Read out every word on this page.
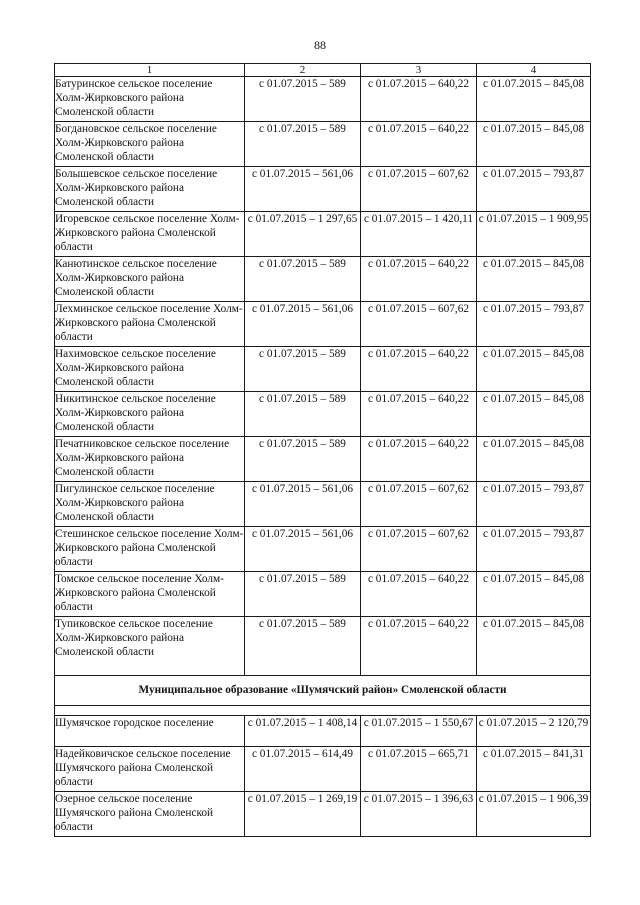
88
1	2	3	4
Батуринское сельское поселение Холм-Жирковского района Смоленской области	с 01.07.2015 – 589	с 01.07.2015 – 640,22	с 01.07.2015 – 845,08
Богдановское сельское поселение Холм-Жирковского района Смоленской области	с 01.07.2015 – 589	с 01.07.2015 – 640,22	с 01.07.2015 – 845,08
Болышевское сельское поселение Холм-Жирковского района Смоленской области	с 01.07.2015 – 561,06	с 01.07.2015 – 607,62	с 01.07.2015 – 793,87
Игоревское сельское поселение Холм-Жирковского района Смоленской области	с 01.07.2015 – 1 297,65	с 01.07.2015 – 1 420,11	с 01.07.2015 – 1 909,95
Канютинское сельское поселение Холм-Жирковского района Смоленской области	с 01.07.2015 – 589	с 01.07.2015 – 640,22	с 01.07.2015 – 845,08
Лехминское сельское поселение Холм-Жирковского района Смоленской области	с 01.07.2015 – 561,06	с 01.07.2015 – 607,62	с 01.07.2015 – 793,87
Нахимовское сельское поселение Холм-Жирковского района Смоленской области	с 01.07.2015 – 589	с 01.07.2015 – 640,22	с 01.07.2015 – 845,08
Никитинское сельское поселение Холм-Жирковского района Смоленской области	с 01.07.2015 – 589	с 01.07.2015 – 640,22	с 01.07.2015 – 845,08
Печатниковское сельское поселение Холм-Жирковского района Смоленской области	с 01.07.2015 – 589	с 01.07.2015 – 640,22	с 01.07.2015 – 845,08
Пигулинское сельское поселение Холм-Жирковского района Смоленской области	с 01.07.2015 – 561,06	с 01.07.2015 – 607,62	с 01.07.2015 – 793,87
Стешинское сельское поселение Холм-Жирковского района Смоленской области	с 01.07.2015 – 561,06	с 01.07.2015 – 607,62	с 01.07.2015 – 793,87
Томское сельское поселение Холм-Жирковского района Смоленской области	с 01.07.2015 – 589	с 01.07.2015 – 640,22	с 01.07.2015 – 845,08
Тупиковское сельское поселение Холм-Жирковского района Смоленской области	с 01.07.2015 – 589	с 01.07.2015 – 640,22	с 01.07.2015 – 845,08
Муниципальное образование «Шумячский район» Смоленской области			

Шумячское городское поселение	с 01.07.2015 – 1 408,14	с 01.07.2015 – 1 550,67	с 01.07.2015 – 2 120,79
Надейковичское сельское поселение Шумячского района Смоленской области	с 01.07.2015 – 614,49	с 01.07.2015 – 665,71	с 01.07.2015 – 841,31
Озерное сельское поселение Шумячского района Смоленской области	с 01.07.2015 – 1 269,19	с 01.07.2015 – 1 396,63	с 01.07.2015 – 1 906,39
